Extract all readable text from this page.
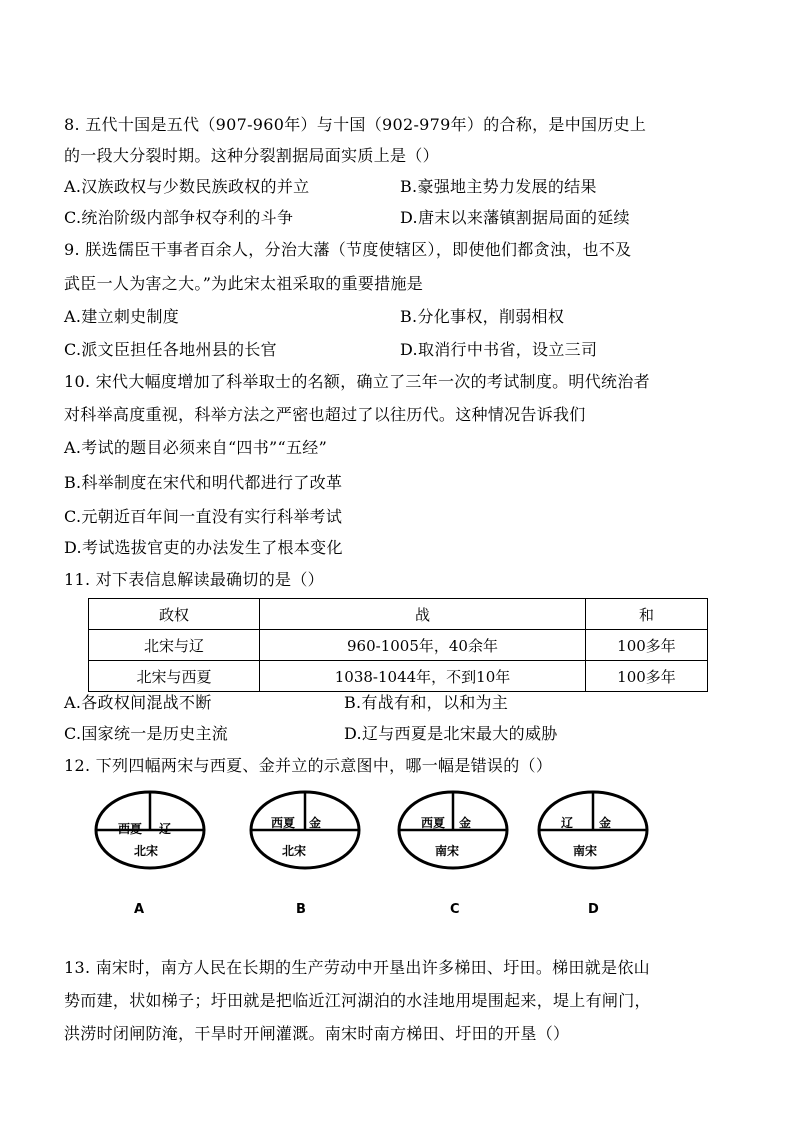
8. 五代十国是五代（907-960年）与十国（902-979年）的合称，是中国历史上
的一段大分裂时期。这种分裂割据局面实质上是（）
A.汉族政权与少数民族政权的并立	B.豪强地主势力发展的结果
C.统治阶级内部争权夺利的斗争	D.唐末以来藩镇割据局面的延续
9. 朕选儒臣干事者百余人，分治大藩（节度使辖区），即使他们都贪浊，也不及
武臣一人为害之大。”为此宋太祖采取的重要措施是
A.建立刺史制度	B.分化事权，削弱相权
C.派文臣担任各地州县的长官	D.取消行中书省，设立三司
10. 宋代大幅度增加了科举取士的名额，确立了三年一次的考试制度。明代统治者
对科举高度重视，科举方法之严密也超过了以往历代。这种情况告诉我们
A.考试的题目必须来自“四书”“五经”
B.科举制度在宋代和明代都进行了改革
C.元朝近百年间一直没有实行科举考试
D.考试选拔官吏的办法发生了根本变化
11. 对下表信息解读最确切的是（）
政权	战	和
北宋与辽	960-1005年，40余年	100多年
北宋与西夏	1038-1044年，不到10年	100多年
A.各政权间混战不断	B.有战有和，以和为主
C.国家统一是历史主流	D.辽与西夏是北宋最大的威胁
12. 下列四幅两宋与西夏、金并立的示意图中，哪一幅是错误的（）
西夏 辽
北宋
A
西夏 金
北宋
B
西夏 金
南宋
C
辽 金
南宋
D
13. 南宋时，南方人民在长期的生产劳动中开垦出许多梯田、圩田。梯田就是依山
势而建，状如梯子；圩田就是把临近江河湖泊的水洼地用堤围起来，堤上有闸门，
洪涝时闭闸防淹，干旱时开闸灌溉。南宋时南方梯田、圩田的开垦（）
